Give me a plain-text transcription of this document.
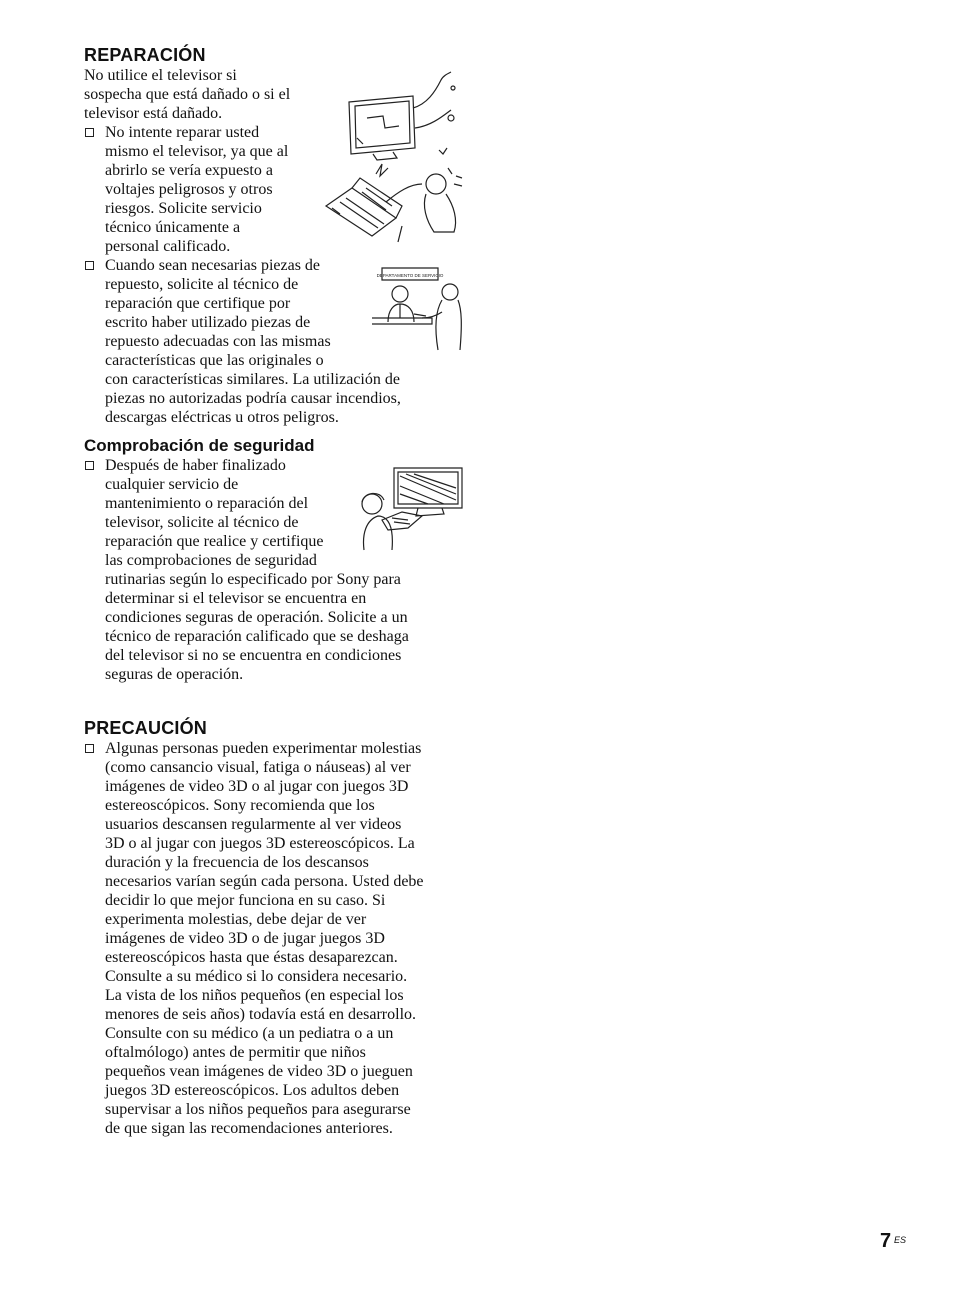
DEPARTAMENTO DE SERVICIO
REPARACIÓN
No utilice el televisor si
sospecha que está dañado o si el
televisor está dañado.
No intente reparar usted
mismo el televisor, ya que al
abrirlo se vería expuesto a
voltajes peligrosos y otros
riesgos. Solicite servicio
técnico únicamente a
personal calificado.
Cuando sean necesarias piezas de
repuesto, solicite al técnico de
reparación que certifique por
escrito haber utilizado piezas de
repuesto adecuadas con las mismas
características que las originales o
con características similares. La utilización de
piezas no autorizadas podría causar incendios,
descargas eléctricas u otros peligros.
Comprobación de seguridad
Después de haber finalizado
cualquier servicio de
mantenimiento o reparación del
televisor, solicite al técnico de
reparación que realice y certifique
las comprobaciones de seguridad
rutinarias según lo especificado por Sony para
determinar si el televisor se encuentra en
condiciones seguras de operación. Solicite a un
técnico de reparación calificado que se deshaga
del televisor si no se encuentra en condiciones
seguras de operación.
PRECAUCIÓN
Algunas personas pueden experimentar molestias
(como cansancio visual, fatiga o náuseas) al ver
imágenes de video 3D o al jugar con juegos 3D
estereoscópicos. Sony recomienda que los
usuarios descansen regularmente al ver videos
3D o al jugar con juegos 3D estereoscópicos. La
duración y la frecuencia de los descansos
necesarios varían según cada persona. Usted debe
decidir lo que mejor funciona en su caso. Si
experimenta molestias, debe dejar de ver
imágenes de video 3D o de jugar juegos 3D
estereoscópicos hasta que éstas desaparezcan.
Consulte a su médico si lo considera necesario.
La vista de los niños pequeños (en especial los
menores de seis años) todavía está en desarrollo.
Consulte con su médico (a un pediatra o a un
oftalmólogo) antes de permitir que niños
pequeños vean imágenes de video 3D o jueguen
juegos 3D estereoscópicos. Los adultos deben
supervisar a los niños pequeños para asegurarse
de que sigan las recomendaciones anteriores.
7 ES
